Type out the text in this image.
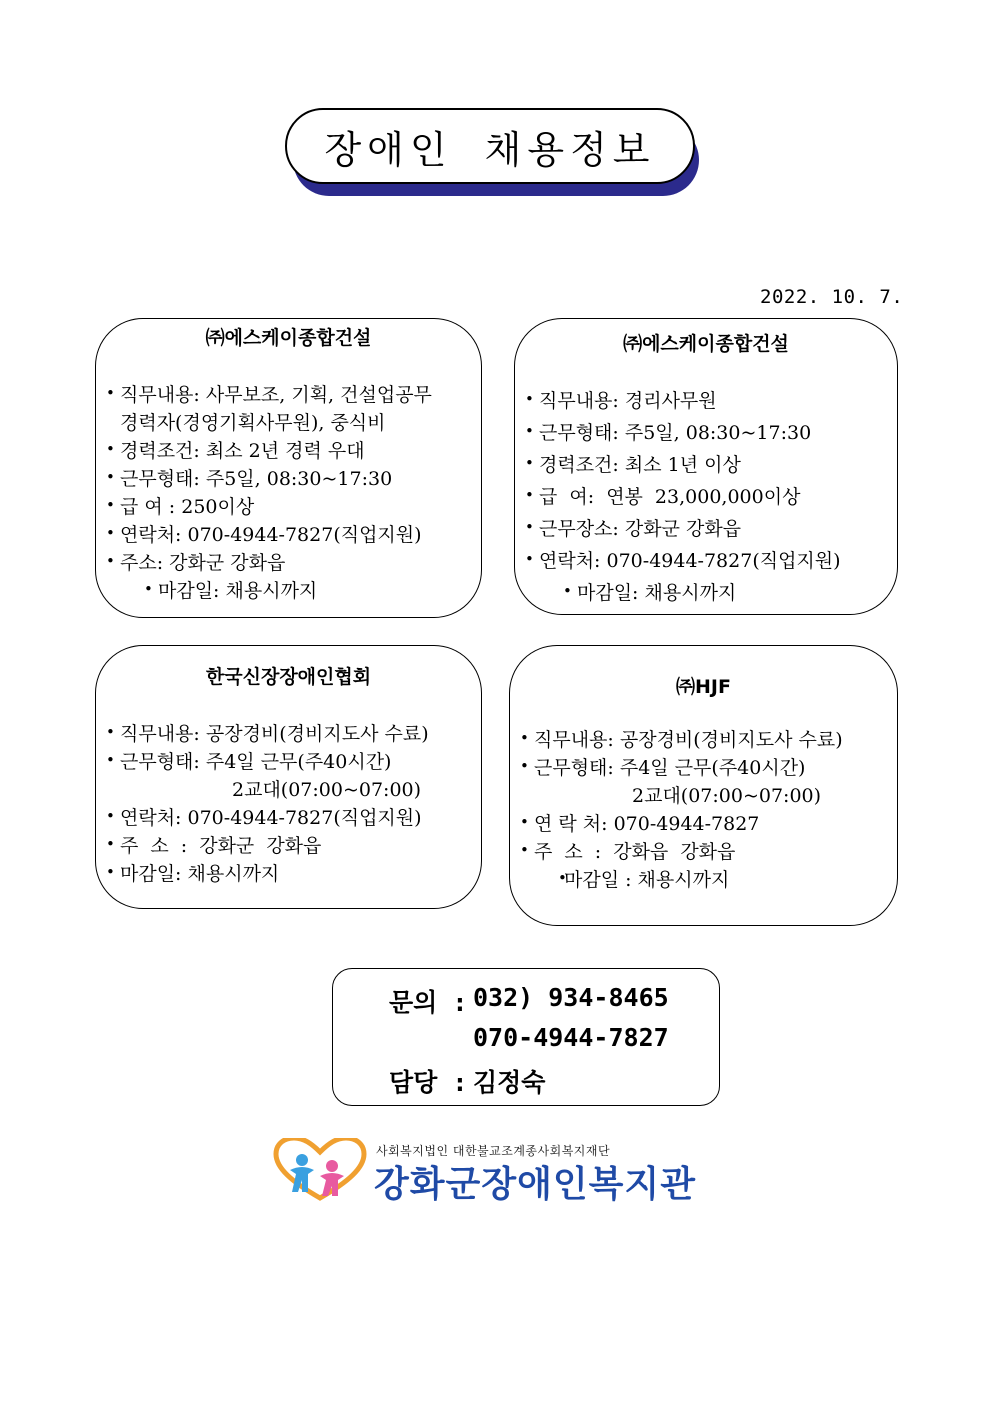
장애인 채용정보
2022. 10. 7.
㈜에스케이종합건설
• 직무내용: 사무보조, 기획, 건설업공무
경력자(경영기획사무원), 중식비
• 경력조건: 최소 2년 경력 우대
• 근무형태: 주5일, 08:30~17:30
• 급 여 : 250이상
• 연락처: 070-4944-7827(직업지원)
• 주소: 강화군 강화읍
• 마감일: 채용시까지
㈜에스케이종합건설
• 직무내용: 경리사무원
• 근무형태: 주5일, 08:30~17:30
• 경력조건: 최소 1년 이상
• 급 여: 연봉 23,000,000이상
• 근무장소: 강화군 강화읍
• 연락처: 070-4944-7827(직업지원)
• 마감일: 채용시까지
한국신장장애인협회
• 직무내용: 공장경비(경비지도사 수료)
• 근무형태: 주4일 근무(주40시간)
2교대(07:00~07:00)
• 연락처: 070-4944-7827(직업지원)
• 주 소 : 강화군 강화읍
• 마감일: 채용시까지
㈜HJF
• 직무내용: 공장경비(경비지도사 수료)
• 근무형태: 주4일 근무(주40시간)
2교대(07:00~07:00)
• 연 락 처: 070-4944-7827
• 주 소 : 강화읍 강화읍
• 마감일 : 채용시까지
문의 : 032) 934-8465
070-4944-7827
담당 : 김정숙
사회복지법인 대한불교조계종사회복지재단
강화군장애인복지관
